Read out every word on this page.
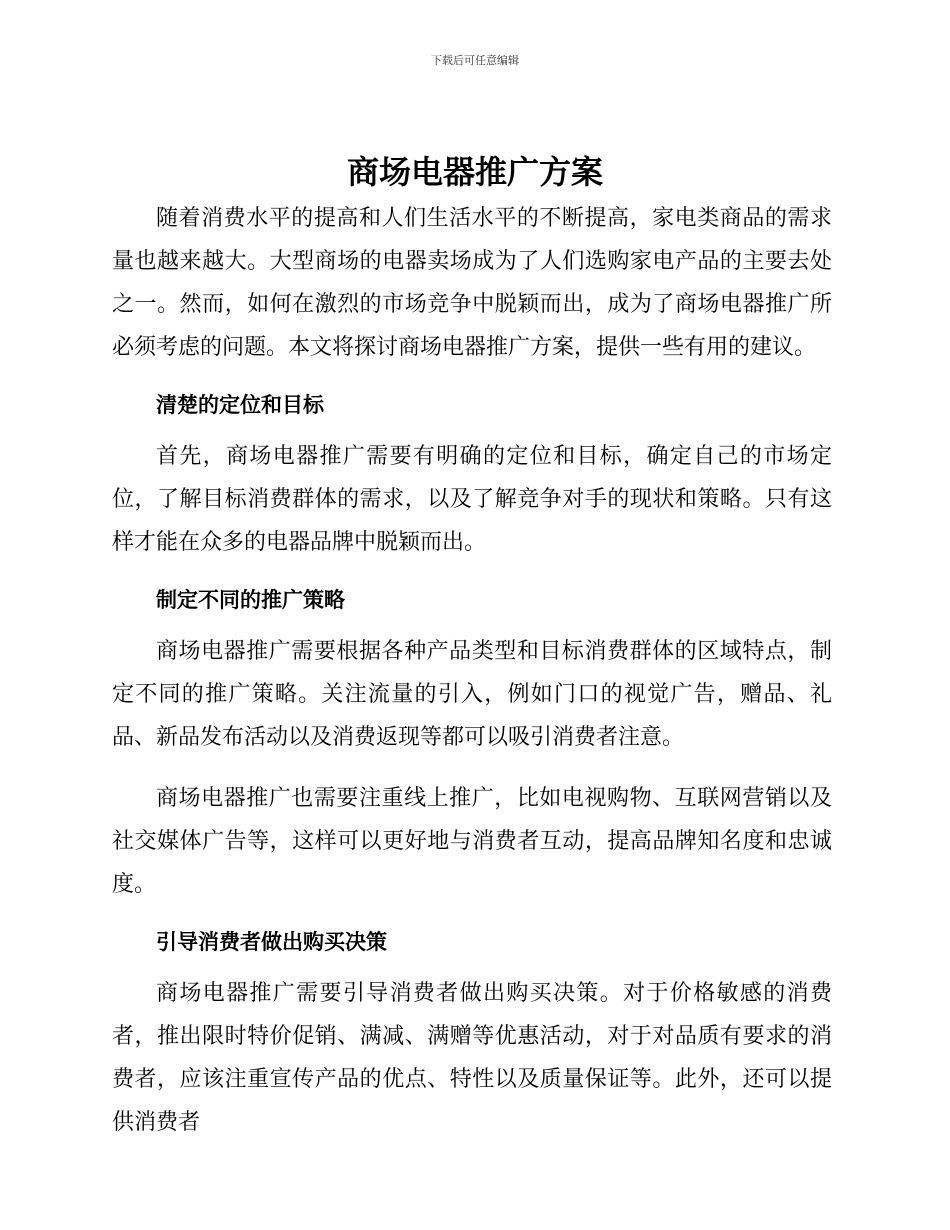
下载后可任意编辑
商场电器推广方案

随着消费水平的提高和人们生活水平的不断提高，家电类商品的需求量也越来越大。大型商场的电器卖场成为了人们选购家电产品的主要去处之一。然而，如何在激烈的市场竞争中脱颖而出，成为了商场电器推广所必须考虑的问题。本文将探讨商场电器推广方案，提供一些有用的建议。

清楚的定位和目标

首先，商场电器推广需要有明确的定位和目标，确定自己的市场定位，了解目标消费群体的需求，以及了解竞争对手的现状和策略。只有这样才能在众多的电器品牌中脱颖而出。

制定不同的推广策略

商场电器推广需要根据各种产品类型和目标消费群体的区域特点，制定不同的推广策略。关注流量的引入，例如门口的视觉广告，赠品、礼品、新品发布活动以及消费返现等都可以吸引消费者注意。

商场电器推广也需要注重线上推广，比如电视购物、互联网营销以及社交媒体广告等，这样可以更好地与消费者互动，提高品牌知名度和忠诚度。

引导消费者做出购买决策

商场电器推广需要引导消费者做出购买决策。对于价格敏感的消费者，推出限时特价促销、满减、满赠等优惠活动，对于对品质有要求的消费者，应该注重宣传产品的优点、特性以及质量保证等。此外，还可以提供消费者
